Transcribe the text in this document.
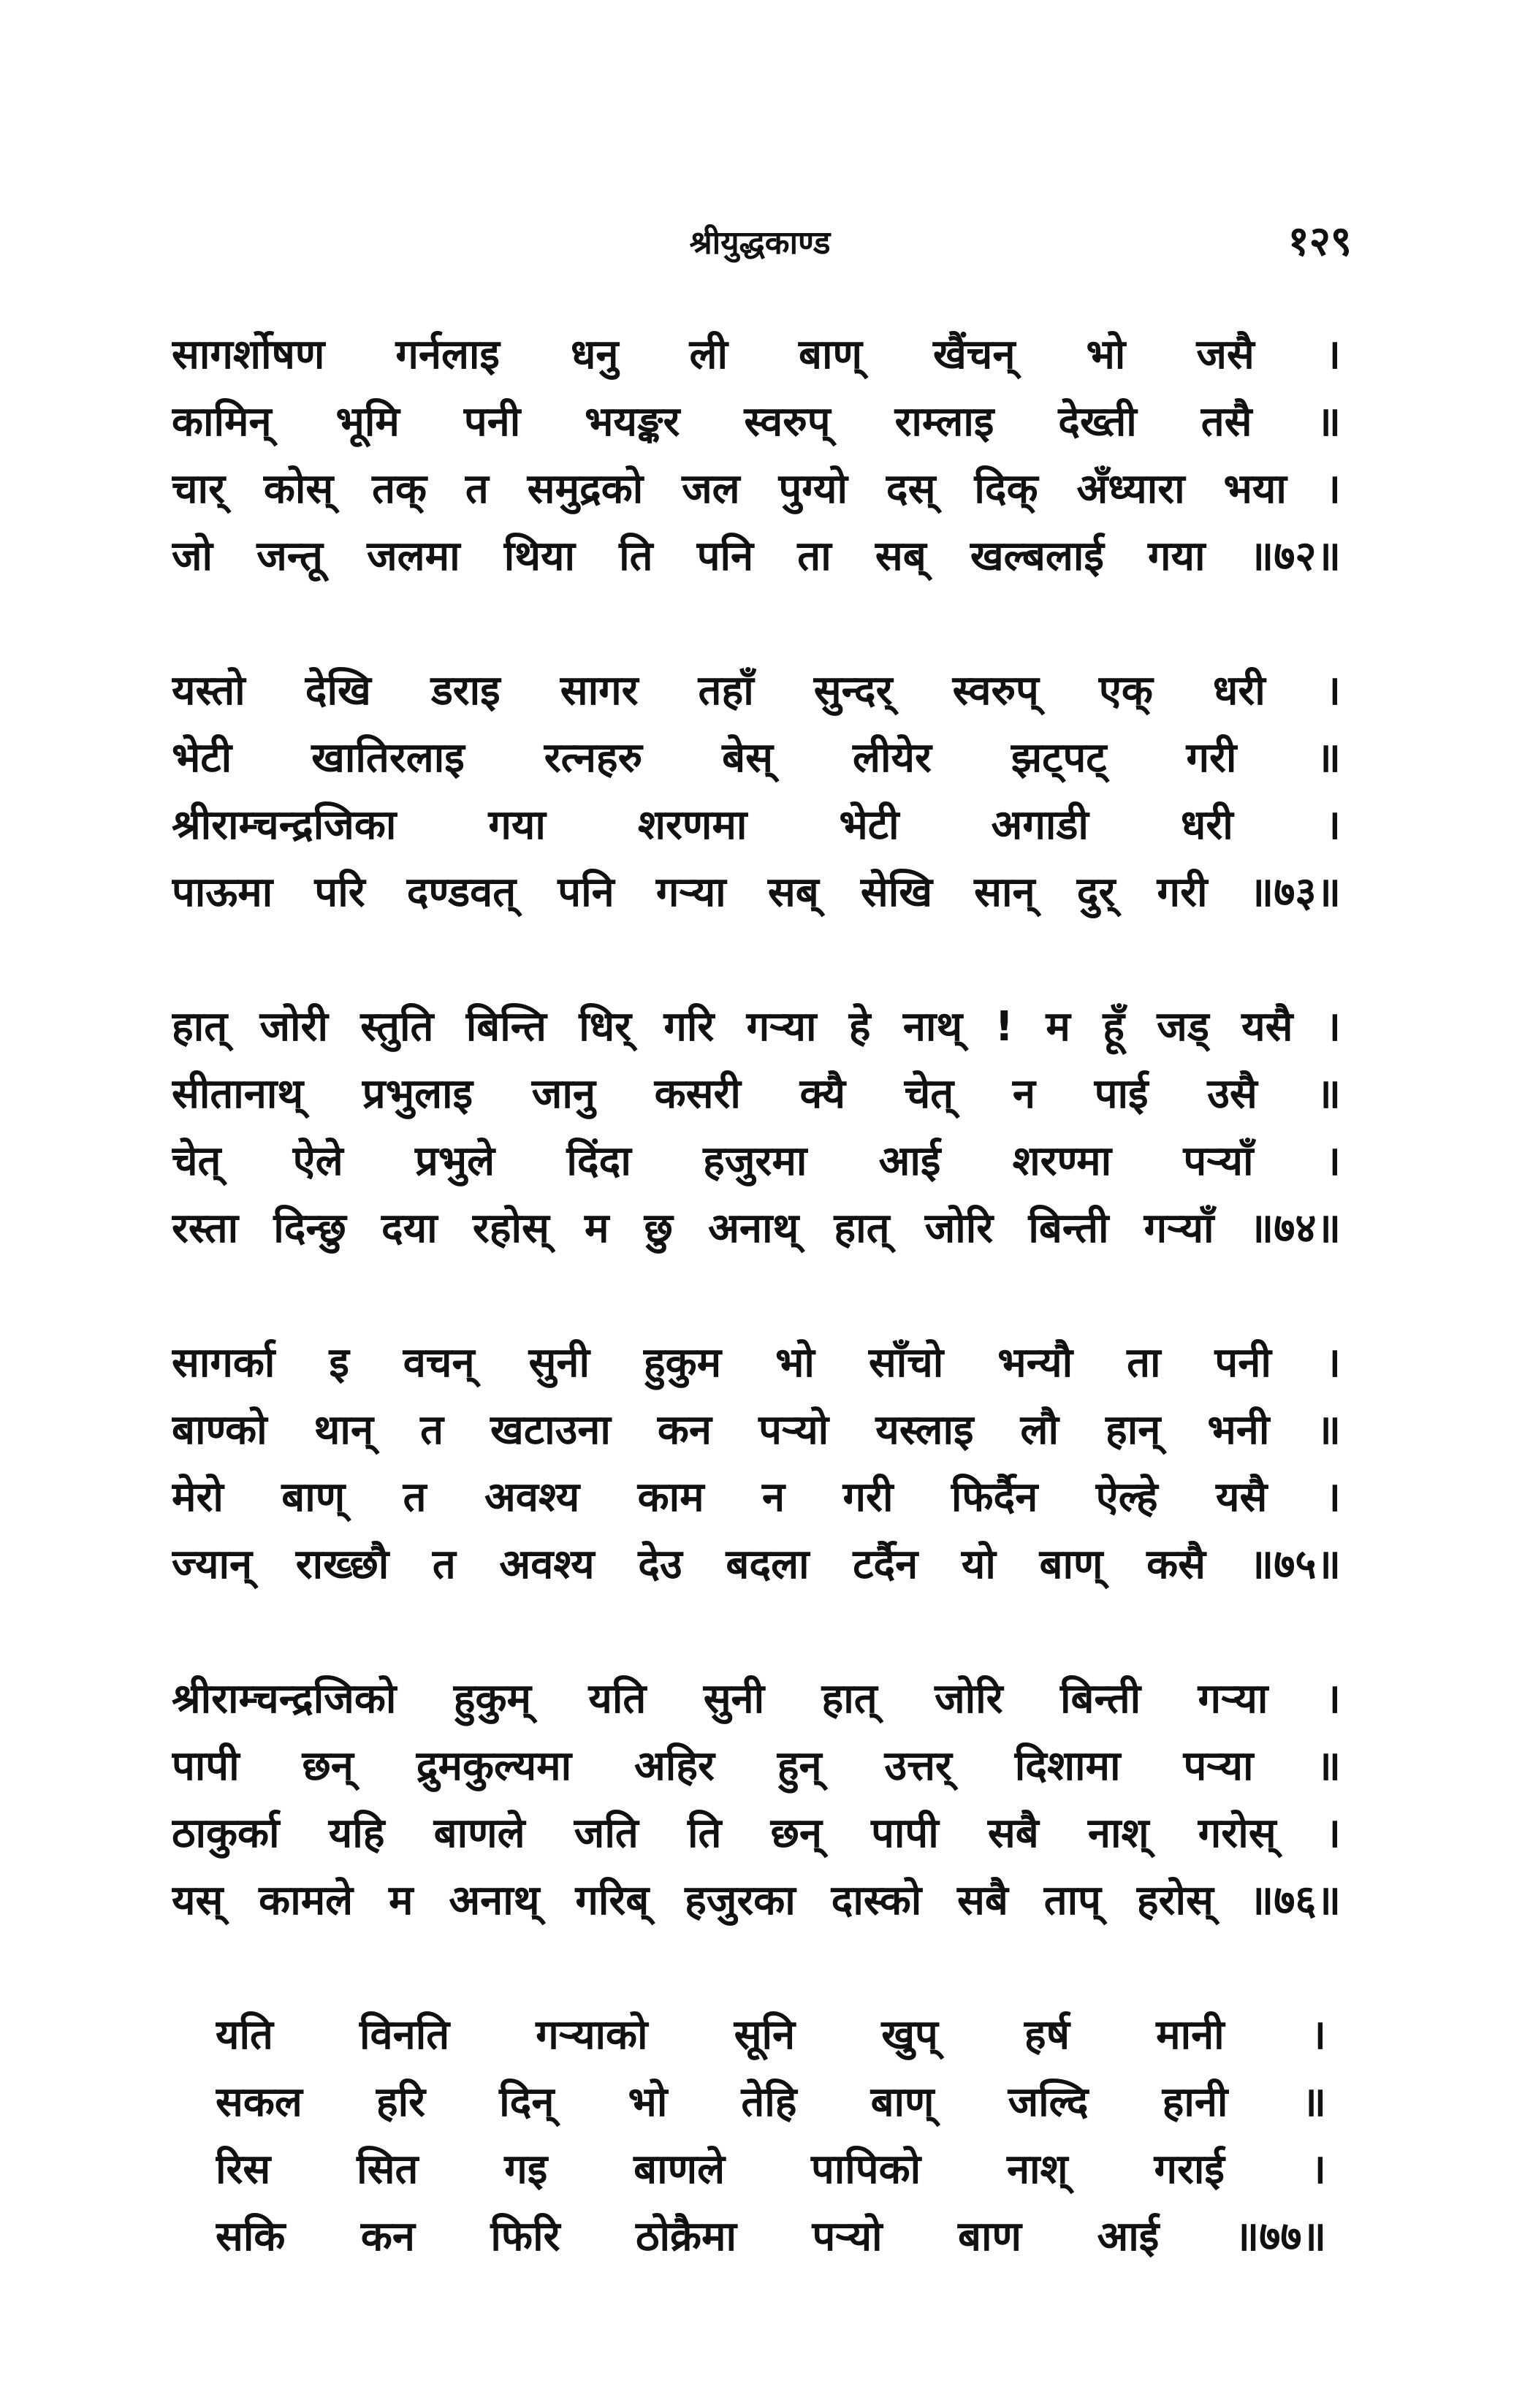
श्रीयुद्धकाण्ड	१२९
सागर्शोषण गर्नलाइ धनु ली बाण् खैंचन् भो जसै ।
कामिन् भूमि पनी भयङ्कर स्वरुप् राम्लाइ देख्ती तसै ॥
चार् कोस् तक् त समुद्रको जल पुग्यो दस् दिक् अँध्यारा भया ।
जो जन्तू जलमा थिया ति पनि ता सब् खल्बलाई गया ॥७२॥
यस्तो देखि डराइ सागर तहाँ सुन्दर् स्वरुप् एक् धरी ।
भेटी खातिरलाइ रत्नहरु बेस् लीयेर झट्पट् गरी ॥
श्रीराम्चन्द्रजिका गया शरणमा भेटी अगाडी धरी ।
पाऊमा परि दण्डवत् पनि गऱ्या सब् सेखि सान् दुर् गरी ॥७३॥
हात् जोरी स्तुति बिन्ति धिर् गरि गऱ्या हे नाथ् ! म हूँ जड् यसै ।
सीतानाथ् प्रभुलाइ जानु कसरी क्यै चेत् न पाई उसै ॥
चेत् ऐले प्रभुले दिंदा हजुरमा आई शरण्मा पऱ्याँ ।
रस्ता दिन्छु दया रहोस् म छु अनाथ् हात् जोरि बिन्ती गऱ्याँ ॥७४॥
सागर्का इ वचन् सुनी हुकुम भो साँचो भन्यौ ता पनी ।
बाण्को थान् त खटाउना कन पऱ्यो यस्लाइ लौ हान् भनी ॥
मेरो बाण् त अवश्य काम न गरी फिर्दैन ऐल्हे यसै ।
ज्यान् राख्छौ त अवश्य देउ बदला टर्दैन यो बाण् कसै ॥७५॥
श्रीराम्चन्द्रजिको हुकुम् यति सुनी हात् जोरि बिन्ती गऱ्या ।
पापी छन् द्रुमकुल्यमा अहिर हुन् उत्तर् दिशामा पऱ्या ॥
ठाकुर्का यहि बाणले जति ति छन् पापी सबै नाश् गरोस् ।
यस् कामले म अनाथ् गरिब् हजुरका दास्को सबै ताप् हरोस् ॥७६॥
यति विनति गऱ्याको सूनि खुप् हर्ष मानी ।
सकल हरि दिन् भो तेहि बाण् जल्दि हानी ॥
रिस सित गइ बाणले पापिको नाश् गराई ।
सकि कन फिरि ठोक्रैमा पऱ्यो बाण आई ॥७७॥
